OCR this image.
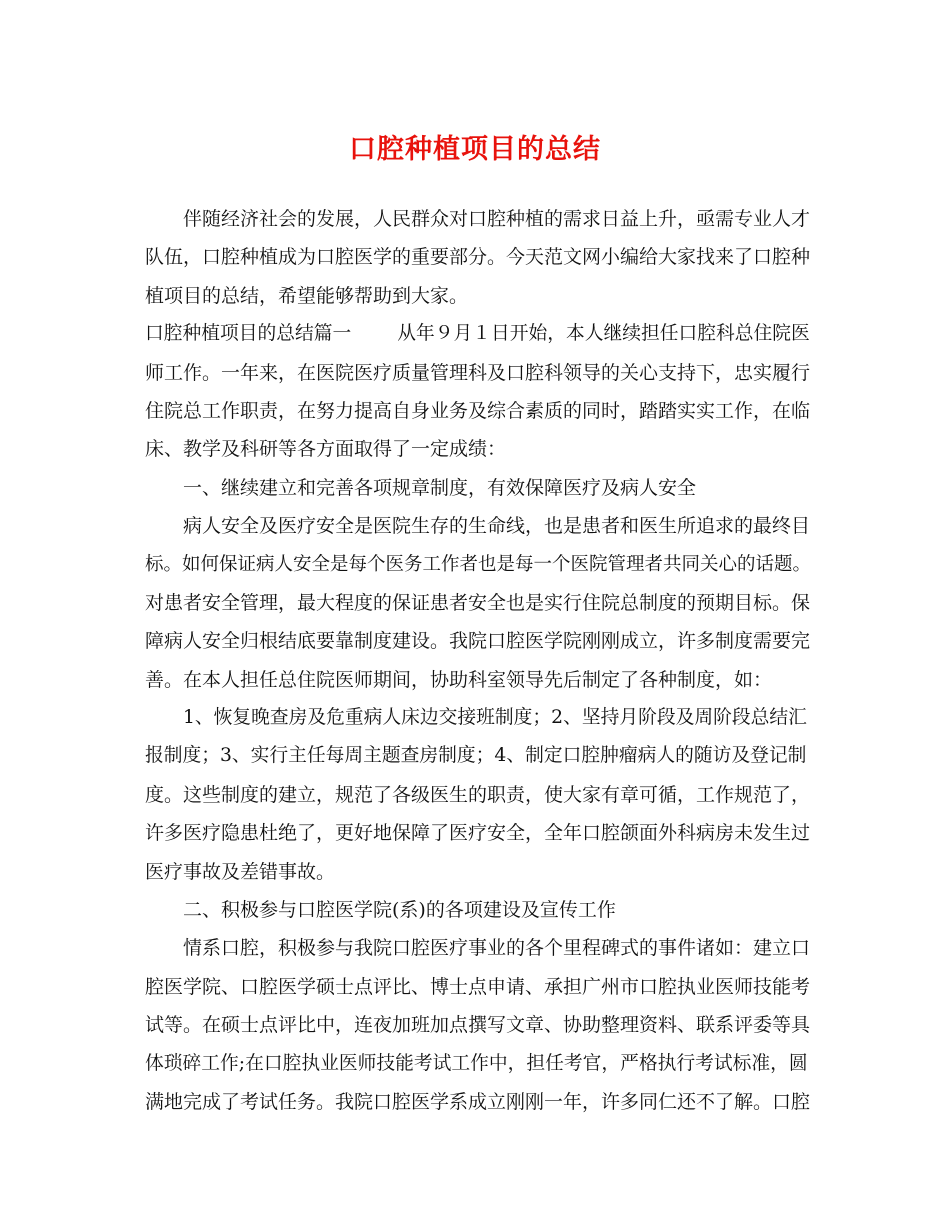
口腔种植项目的总结
伴随经济社会的发展，人民群众对口腔种植的需求日益上升，亟需专业人才
队伍，口腔种植成为口腔医学的重要部分。今天范文网小编给大家找来了口腔种
植项目的总结，希望能够帮助到大家。
口腔种植项目的总结篇一 从年９月１日开始，本人继续担任口腔科总住院医
师工作。一年来，在医院医疗质量管理科及口腔科领导的关心支持下，忠实履行
住院总工作职责，在努力提高自身业务及综合素质的同时，踏踏实实工作，在临
床、教学及科研等各方面取得了一定成绩：
一、继续建立和完善各项规章制度，有效保障医疗及病人安全
病人安全及医疗安全是医院生存的生命线，也是患者和医生所追求的最终目
标。如何保证病人安全是每个医务工作者也是每一个医院管理者共同关心的话题。
对患者安全管理，最大程度的保证患者安全也是实行住院总制度的预期目标。保
障病人安全归根结底要靠制度建设。我院口腔医学院刚刚成立，许多制度需要完
善。在本人担任总住院医师期间，协助科室领导先后制定了各种制度，如：
1、恢复晚查房及危重病人床边交接班制度；2、坚持月阶段及周阶段总结汇
报制度；3、实行主任每周主题查房制度；4、制定口腔肿瘤病人的随访及登记制
度。这些制度的建立，规范了各级医生的职责，使大家有章可循，工作规范了，
许多医疗隐患杜绝了，更好地保障了医疗安全，全年口腔颌面外科病房未发生过
医疗事故及差错事故。
二、积极参与口腔医学院(系)的各项建设及宣传工作
情系口腔，积极参与我院口腔医疗事业的各个里程碑式的事件诸如：建立口
腔医学院、口腔医学硕士点评比、博士点申请、承担广州市口腔执业医师技能考
试等。在硕士点评比中，连夜加班加点撰写文章、协助整理资料、联系评委等具
体琐碎工作;在口腔执业医师技能考试工作中，担任考官，严格执行考试标准，圆
满地完成了考试任务。我院口腔医学系成立刚刚一年，许多同仁还不了解。口腔
